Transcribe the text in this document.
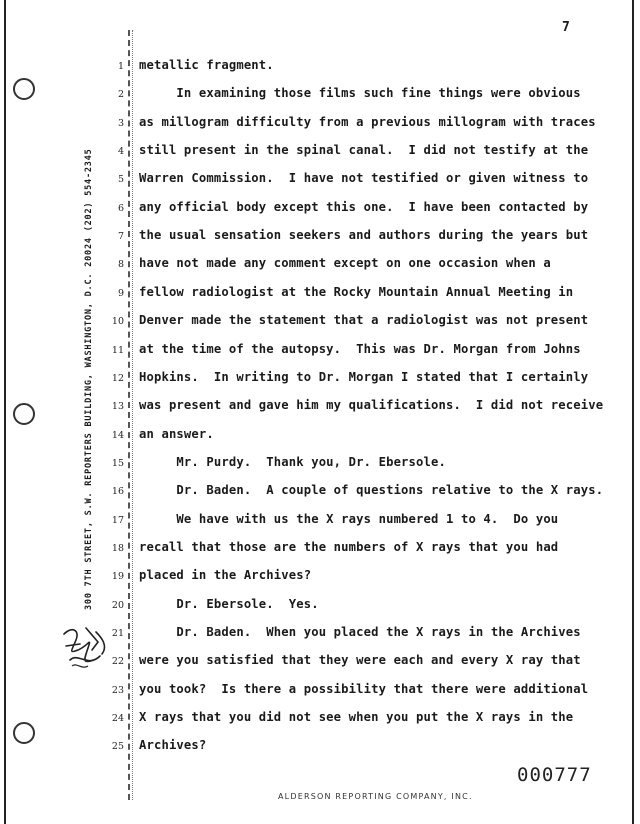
7
300 7TH STREET, S.W. REPORTERS BUILDING, WASHINGTON, D.C. 20024 (202) 554-2345
1 metallic fragment.
2 In examining those films such fine things were obvious
3 as millogram difficulty from a previous millogram with traces
4 still present in the spinal canal.  I did not testify at the
5 Warren Commission.  I have not testified or given witness to
6 any official body except this one.  I have been contacted by
7 the usual sensation seekers and authors during the years but
8 have not made any comment except on one occasion when a
9 fellow radiologist at the Rocky Mountain Annual Meeting in
10 Denver made the statement that a radiologist was not present
11 at the time of the autopsy.  This was Dr. Morgan from Johns
12 Hopkins.  In writing to Dr. Morgan I stated that I certainly
13 was present and gave him my qualifications.  I did not receive
14 an answer.
15 Mr. Purdy.  Thank you, Dr. Ebersole.
16 Dr. Baden.  A couple of questions relative to the X rays.
17 We have with us the X rays numbered 1 to 4.  Do you
18 recall that those are the numbers of X rays that you had
19 placed in the Archives?
20 Dr. Ebersole.  Yes.
21 Dr. Baden.  When you placed the X rays in the Archives
22 were you satisfied that they were each and every X ray that
23 you took?  Is there a possibility that there were additional
24 X rays that you did not see when you put the X rays in the
25 Archives?
000777
ALDERSON REPORTING COMPANY, INC.
